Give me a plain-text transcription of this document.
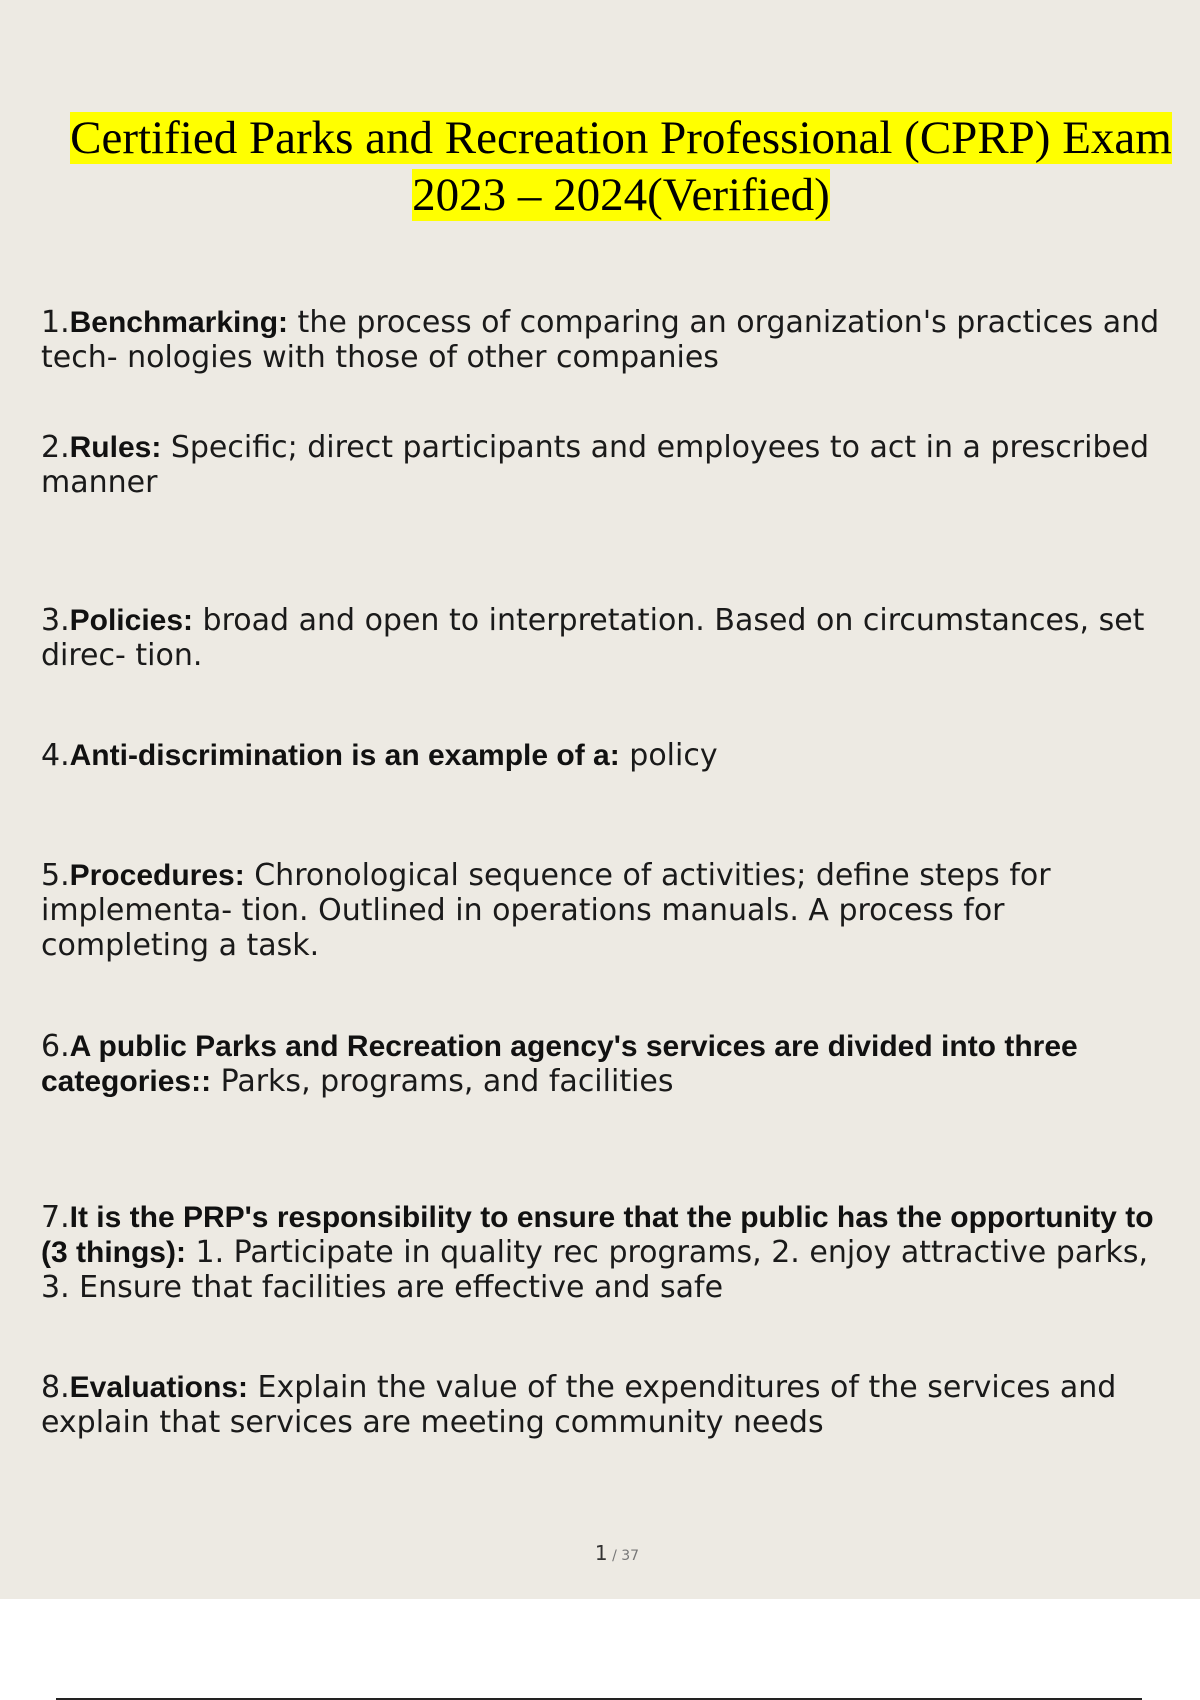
Certified Parks and Recreation Professional (CPRP) Exam
2023 – 2024(Verified)
1.Benchmarking: the process of comparing an organization's practices and tech- nologies with those of other companies
2.Rules: Specific; direct participants and employees to act in a prescribed manner
3.Policies: broad and open to interpretation. Based on circumstances, set direc- tion.
4.Anti-discrimination is an example of a: policy
5.Procedures: Chronological sequence of activities; define steps for implementa- tion. Outlined in operations manuals. A process for completing a task.
6.A public Parks and Recreation agency's services are divided into three categories:: Parks, programs, and facilities
7.It is the PRP's responsibility to ensure that the public has the opportunity to (3 things): 1. Participate in quality rec programs, 2. enjoy attractive parks, 3. Ensure that facilities are effective and safe
8.Evaluations: Explain the value of the expenditures of the services and explain that services are meeting community needs
1 / 37
